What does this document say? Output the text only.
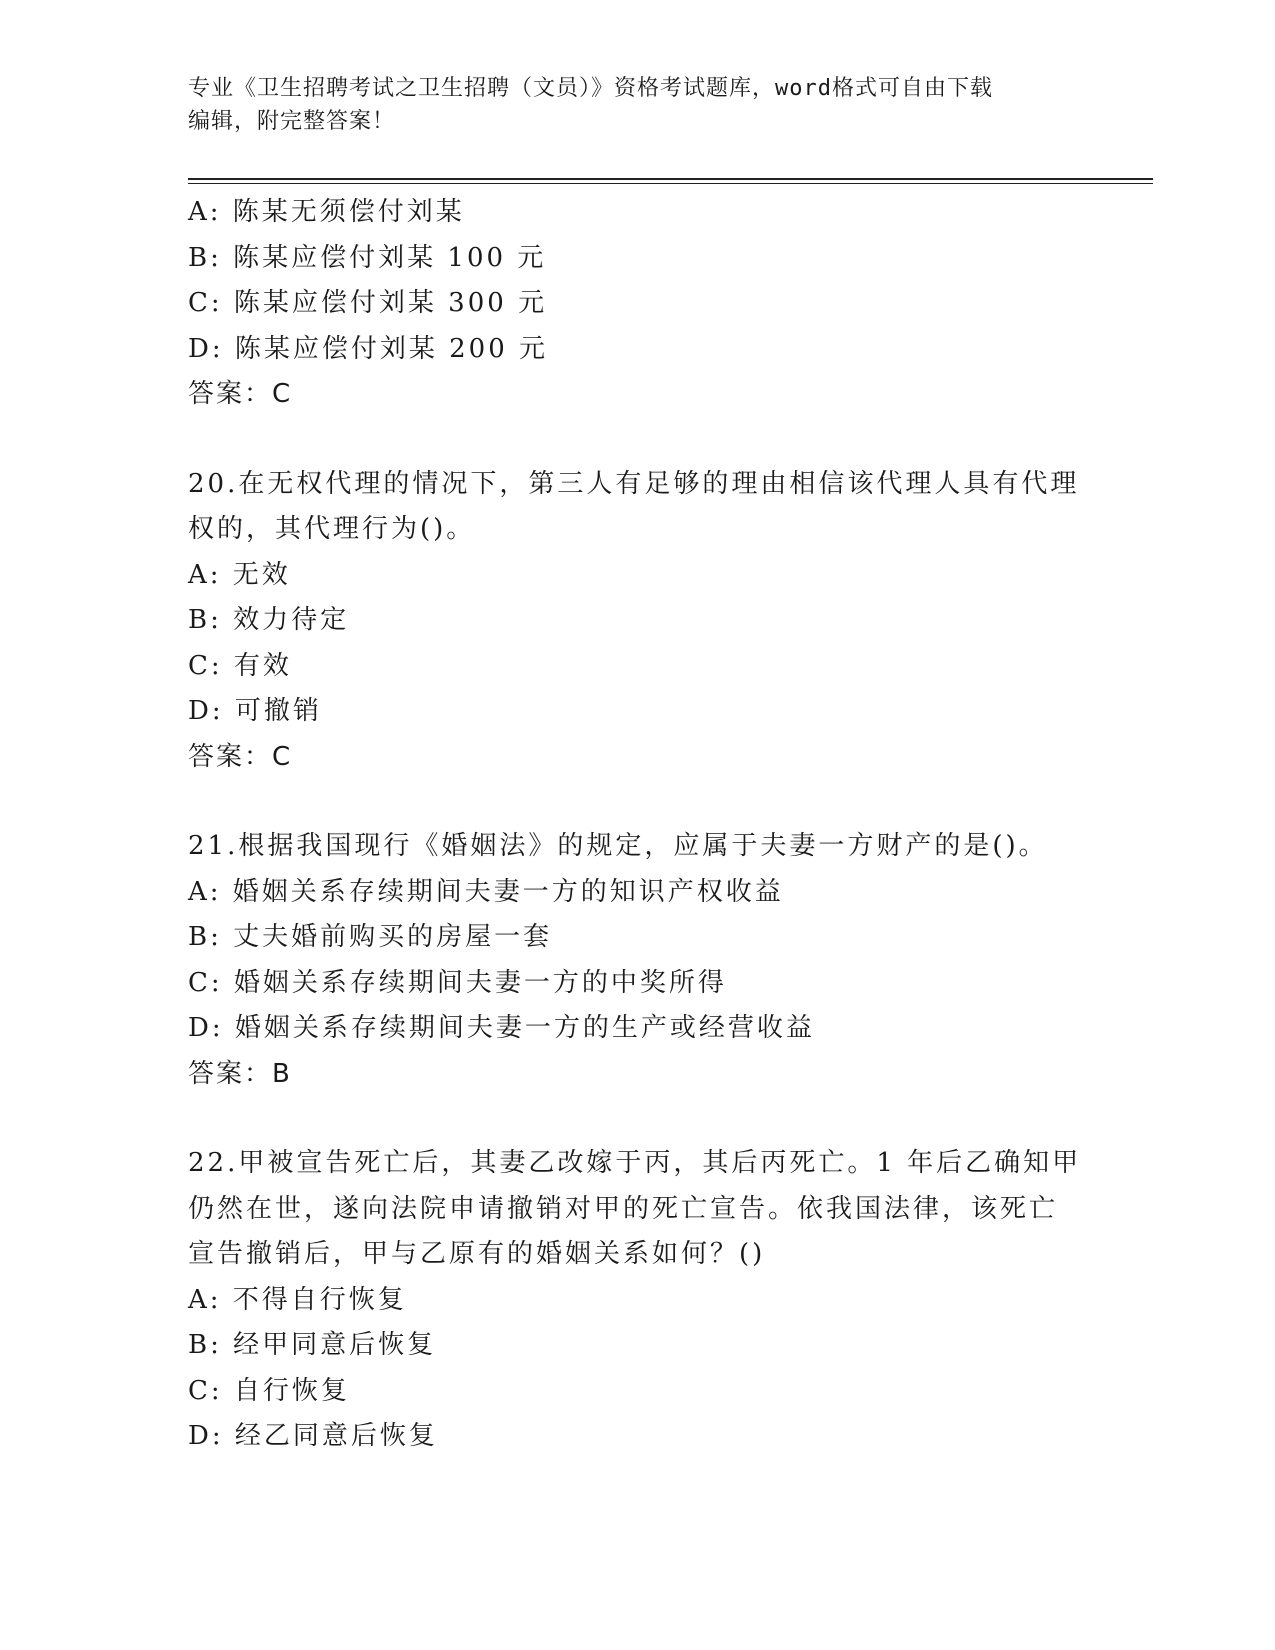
专业《卫生招聘考试之卫生招聘（文员）》资格考试题库，word格式可自由下载
编辑，附完整答案！
A: 陈某无须偿付刘某
B: 陈某应偿付刘某 100 元
C: 陈某应偿付刘某 300 元
D: 陈某应偿付刘某 200 元
答案：C
20.在无权代理的情况下，第三人有足够的理由相信该代理人具有代理
权的，其代理行为()。
A: 无效
B: 效力待定
C: 有效
D: 可撤销
答案：C
21.根据我国现行《婚姻法》的规定，应属于夫妻一方财产的是()。
A: 婚姻关系存续期间夫妻一方的知识产权收益
B: 丈夫婚前购买的房屋一套
C: 婚姻关系存续期间夫妻一方的中奖所得
D: 婚姻关系存续期间夫妻一方的生产或经营收益
答案：B
22.甲被宣告死亡后，其妻乙改嫁于丙，其后丙死亡。1 年后乙确知甲
仍然在世，遂向法院申请撤销对甲的死亡宣告。依我国法律，该死亡
宣告撤销后，甲与乙原有的婚姻关系如何？()
A: 不得自行恢复
B: 经甲同意后恢复
C: 自行恢复
D: 经乙同意后恢复
